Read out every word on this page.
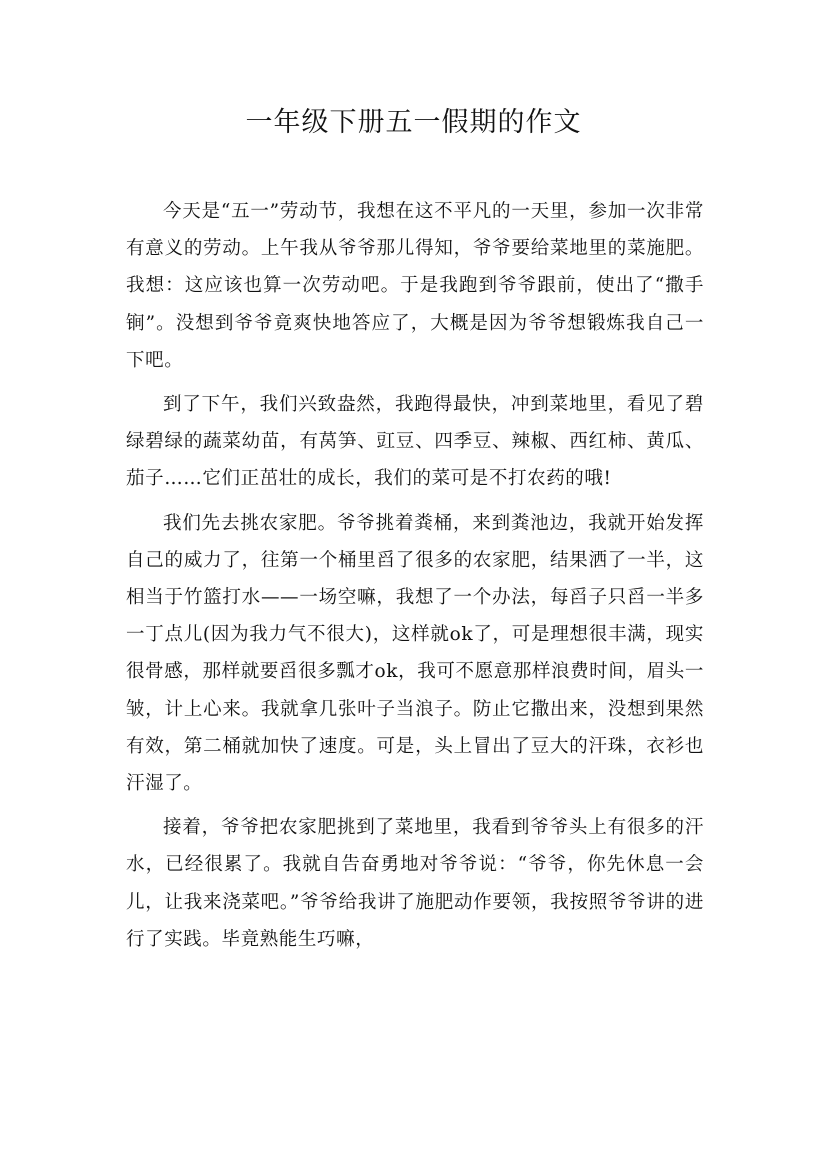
一年级下册五一假期的作文

今天是“五一”劳动节，我想在这不平凡的一天里，参加一次非常有意义的劳动。上午我从爷爷那儿得知，爷爷要给菜地里的菜施肥。我想：这应该也算一次劳动吧。于是我跑到爷爷跟前，使出了“撒手锏”。没想到爷爷竟爽快地答应了，大概是因为爷爷想锻炼我自己一下吧。

到了下午，我们兴致盎然，我跑得最快，冲到菜地里，看见了碧绿碧绿的蔬菜幼苗，有莴笋、豇豆、四季豆、辣椒、西红柿、黄瓜、茄子……它们正茁壮的成长，我们的菜可是不打农药的哦!

我们先去挑农家肥。爷爷挑着粪桶，来到粪池边，我就开始发挥自己的威力了，往第一个桶里舀了很多的农家肥，结果洒了一半，这相当于竹篮打水——一场空嘛，我想了一个办法，每舀子只舀一半多一丁点儿(因为我力气不很大)，这样就ok了，可是理想很丰满，现实很骨感，那样就要舀很多瓢才ok，我可不愿意那样浪费时间，眉头一皱，计上心来。我就拿几张叶子当浪子。防止它撒出来，没想到果然有效，第二桶就加快了速度。可是，头上冒出了豆大的汗珠，衣衫也汗湿了。

接着，爷爷把农家肥挑到了菜地里，我看到爷爷头上有很多的汗水，已经很累了。我就自告奋勇地对爷爷说：“爷爷，你先休息一会儿，让我来浇菜吧。”爷爷给我讲了施肥动作要领，我按照爷爷讲的进行了实践。毕竟熟能生巧嘛，
